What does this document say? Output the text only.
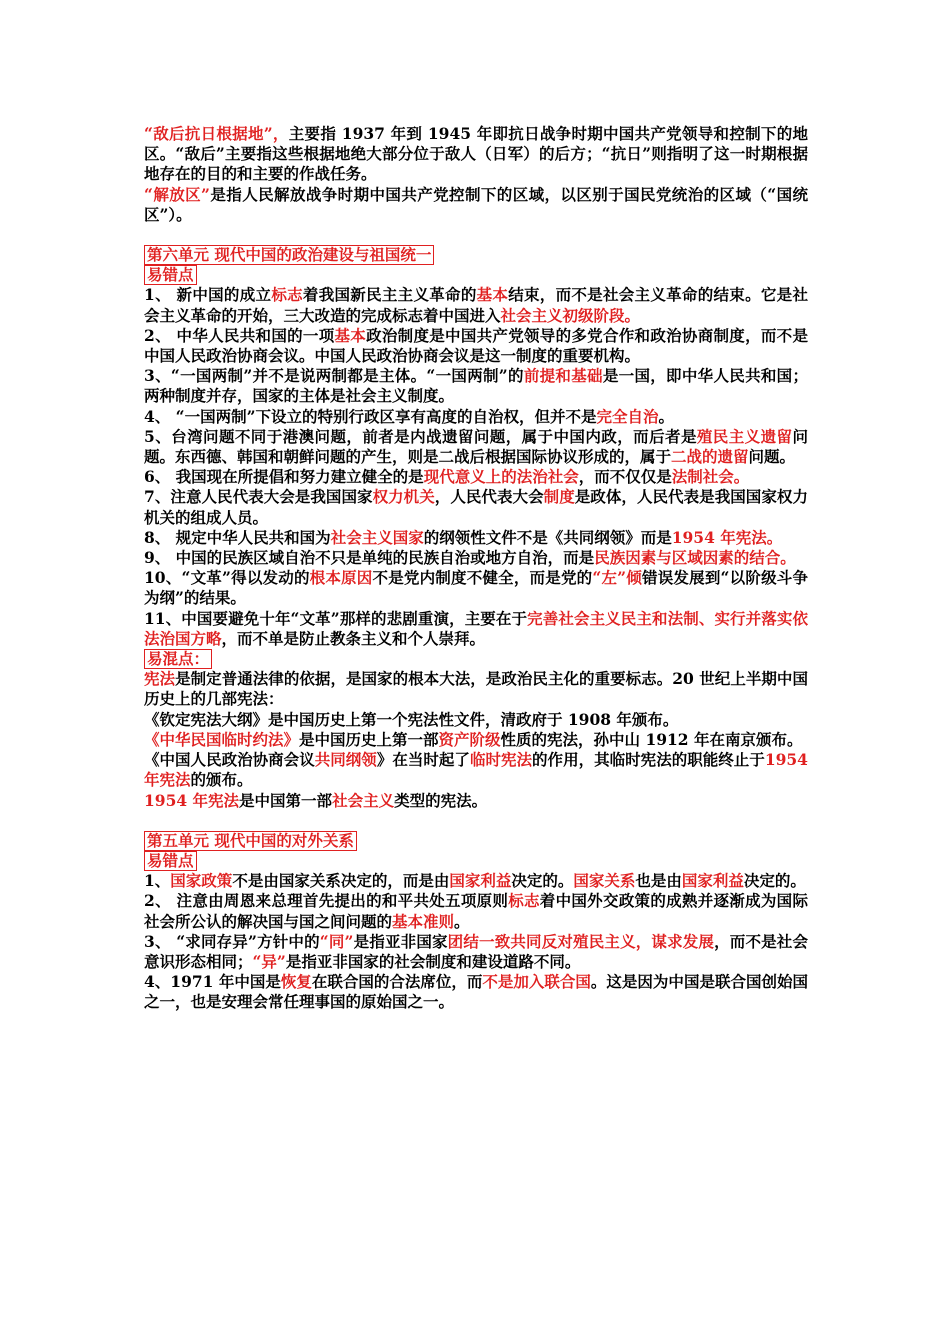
“敌后抗日根据地”，主要指 1937 年到 1945 年即抗日战争时期中国共产党领导和控制下的地区。“敌后”主要指这些根据地绝大部分位于敌人（日军）的后方；“抗日”则指明了这一时期根据地存在的目的和主要的作战任务。

“解放区”是指人民解放战争时期中国共产党控制下的区域，以区别于国民党统治的区域（“国统区”）。

第六单元 现代中国的政治建设与祖国统一
易错点

1、 新中国的成立标志着我国新民主主义革命的基本结束，而不是社会主义革命的结束。它是社会主义革命的开始，三大改造的完成标志着中国进入社会主义初级阶段。

2、 中华人民共和国的一项基本政治制度是中国共产党领导的多党合作和政治协商制度，而不是中国人民政治协商会议。中国人民政治协商会议是这一制度的重要机构。

3、“一国两制”并不是说两制都是主体。“一国两制”的前提和基础是一国，即中华人民共和国；两种制度并存，国家的主体是社会主义制度。

4、 “一国两制”下设立的特别行政区享有高度的自治权，但并不是完全自治。

5、台湾问题不同于港澳问题，前者是内战遗留问题，属于中国内政，而后者是殖民主义遗留问题。东西德、韩国和朝鲜问题的产生，则是二战后根据国际协议形成的，属于二战的遗留问题。

6、 我国现在所提倡和努力建立健全的是现代意义上的法治社会，而不仅仅是法制社会。

7、注意人民代表大会是我国国家权力机关，人民代表大会制度是政体，人民代表是我国国家权力机关的组成人员。

8、 规定中华人民共和国为社会主义国家的纲领性文件不是《共同纲领》而是1954 年宪法。

9、 中国的民族区域自治不只是单纯的民族自治或地方自治，而是民族因素与区域因素的结合。

10、“文革”得以发动的根本原因不是党内制度不健全，而是党的“左”倾错误发展到“以阶级斗争为纲”的结果。

11、中国要避免十年“文革”那样的悲剧重演，主要在于完善社会主义民主和法制、实行并落实依法治国方略，而不单是防止教条主义和个人崇拜。

易混点：

宪法是制定普通法律的依据，是国家的根本大法，是政治民主化的重要标志。20 世纪上半期中国历史上的几部宪法：

《钦定宪法大纲》是中国历史上第一个宪法性文件，清政府于 1908 年颁布。

《中华民国临时约法》是中国历史上第一部资产阶级性质的宪法，孙中山 1912 年在南京颁布。

《中国人民政治协商会议共同纲领》在当时起了临时宪法的作用，其临时宪法的职能终止于1954 年宪法的颁布。

1954 年宪法是中国第一部社会主义类型的宪法。

第五单元 现代中国的对外关系
易错点

1、国家政策不是由国家关系决定的，而是由国家利益决定的。国家关系也是由国家利益决定的。

2、 注意由周恩来总理首先提出的和平共处五项原则标志着中国外交政策的成熟并逐渐成为国际社会所公认的解决国与国之间问题的基本准则。

3、 “求同存异”方针中的“同”是指亚非国家团结一致共同反对殖民主义，谋求发展，而不是社会意识形态相同；“异”是指亚非国家的社会制度和建设道路不同。

4、1971 年中国是恢复在联合国的合法席位，而不是加入联合国。这是因为中国是联合国创始国之一，也是安理会常任理事国的原始国之一。
